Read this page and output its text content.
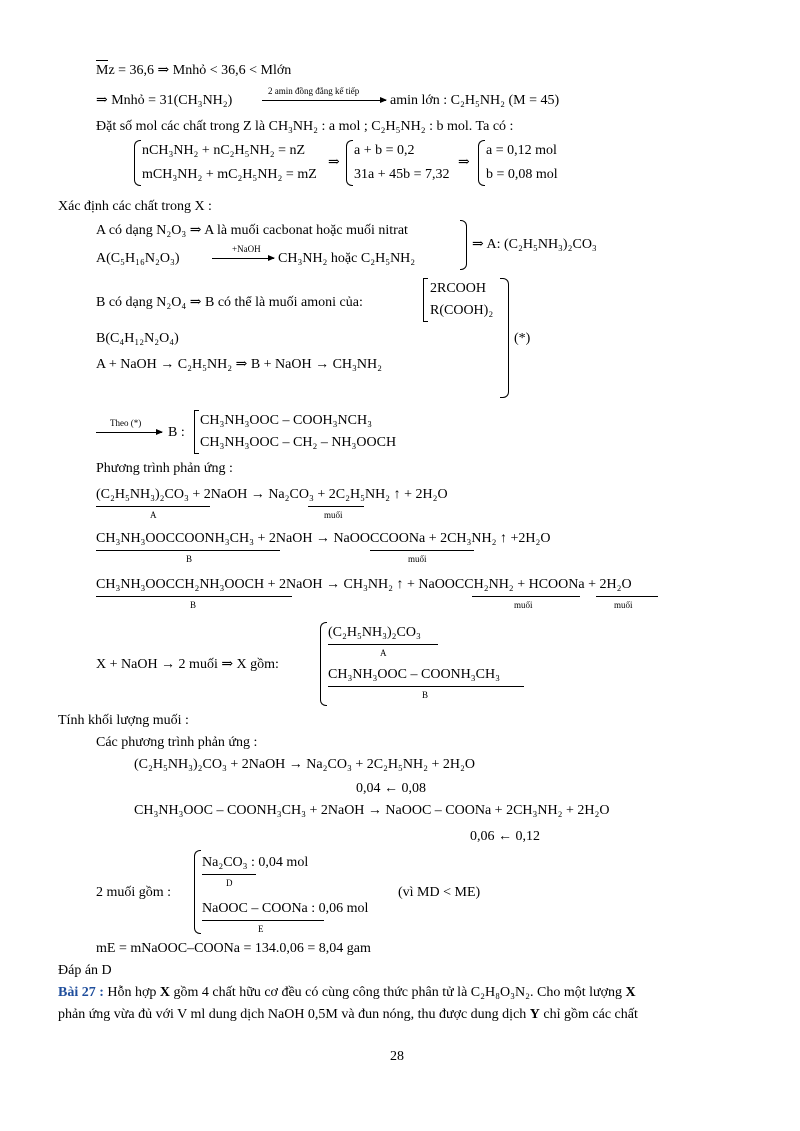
Mz = 36,6 ⇒ Mnhỏ < 36,6 < Mlớn
⇒ Mnhỏ = 31(CH₃NH₂)
2 amin đồng đẳng kế tiếp
amin lớn : C₂H₅NH₂ (M = 45)
Đặt số mol các chất trong Z là CH₃NH₂ : a mol ; C₂H₅NH₂ : b mol. Ta có :
nCH₃NH₂ + nC₂H₅NH₂ = nZ
mCH₃NH₂ + mC₂H₅NH₂ = mZ
⇒
a + b = 0,2
31a + 45b = 7,32
⇒
a = 0,12 mol
b = 0,08 mol
Xác định các chất trong X :
A có dạng N₂O₃ ⇒ A là muối cacbonat hoặc muối nitrat
A(C₅H₁₆N₂O₃)
+NaOH
CH₃NH₂ hoặc C₂H₅NH₂
⇒ A: (C₂H₅NH₃)₂CO₃
B có dạng N₂O₄ ⇒ B có thể là muối amoni của:
2RCOOH
R(COOH)₂
B(C₄H₁₂N₂O₄)
A + NaOH → C₂H₅NH₂ ⇒ B + NaOH → CH₃NH₂
(*)
Theo (*)
B :
CH₃NH₃OOC – COOH₃NCH₃
CH₃NH₃OOC – CH₂ – NH₃OOCH
Phương trình phản ứng :
(C₂H₅NH₃)₂CO₃ + 2NaOH → Na₂CO₃ + 2C₂H₅NH₂ ↑ + 2H₂O
A	muối
CH₃NH₃OOCCOONH₃CH₃ + 2NaOH → NaOOCCOONa + 2CH₃NH₂ ↑ +2H₂O
B	muối
CH₃NH₃OOCCH₂NH₃OOCH + 2NaOH → CH₃NH₂ ↑ + NaOOCCH₂NH₂ + HCOONa + 2H₂O
B	muối	muối
X + NaOH → 2 muối ⇒ X gồm:
(C₂H₅NH₃)₂CO₃
A
CH₃NH₃OOC – COONH₃CH₃
B
Tính khối lượng muối :
Các phương trình phản ứng :
(C₂H₅NH₃)₂CO₃ + 2NaOH → Na₂CO₃ + 2C₂H₅NH₂ + 2H₂O
0,04 ← 0,08
CH₃NH₃OOC – COONH₃CH₃ + 2NaOH → NaOOC – COONa + 2CH₃NH₂ + 2H₂O
0,06 ← 0,12
2 muối gồm :
Na₂CO₃ : 0,04 mol
D
NaOOC – COONa : 0,06 mol
E
(vì MD < ME)
mE = mNaOOC–COONa = 134.0,06 = 8,04 gam
Đáp án D
Bài 27 : Hỗn hợp X gồm 4 chất hữu cơ đều có cùng công thức phân tử là C₂H₈O₃N₂. Cho một lượng X
phản ứng vừa đủ với V ml dung dịch NaOH 0,5M và đun nóng, thu được dung dịch Y chỉ gồm các chất
28
